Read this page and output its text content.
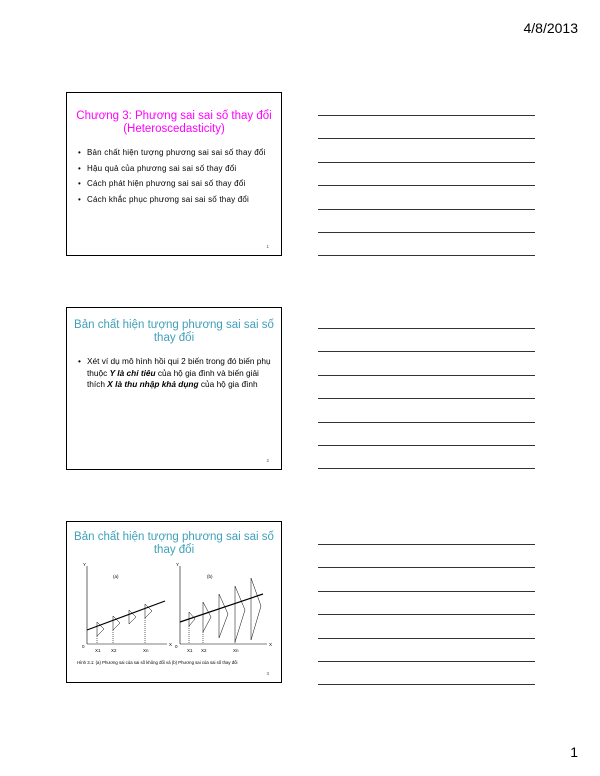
4/8/2013
Chương 3: Phương sai sai số thay đổi
(Heteroscedasticity)
• Bản chất hiện tượng phương sai sai số thay đổi
• Hậu quả của phương sai sai số thay đổi
• Cách phát hiện phương sai sai số thay đổi
• Cách khắc phục phương sai sai số thay đổi
1
Bản chất hiện tượng phương sai sai số
thay đổi
• Xét ví dụ mô hình hồi qui 2 biến trong đó biến phụ thuộc Y là chi tiêu của hộ gia đình và biến giải thích X là thu nhập khả dụng của hộ gia đình
2
Bản chất hiện tượng phương sai sai số
thay đổi
(a)	(b)
Y	Y
X	X
0	0
X1 X2	Xn	X1 X2	Xn
Hình 3.1: (a) Phương sai của sai số không đổi và (b) Phương sai của sai số thay đổi
3
1
